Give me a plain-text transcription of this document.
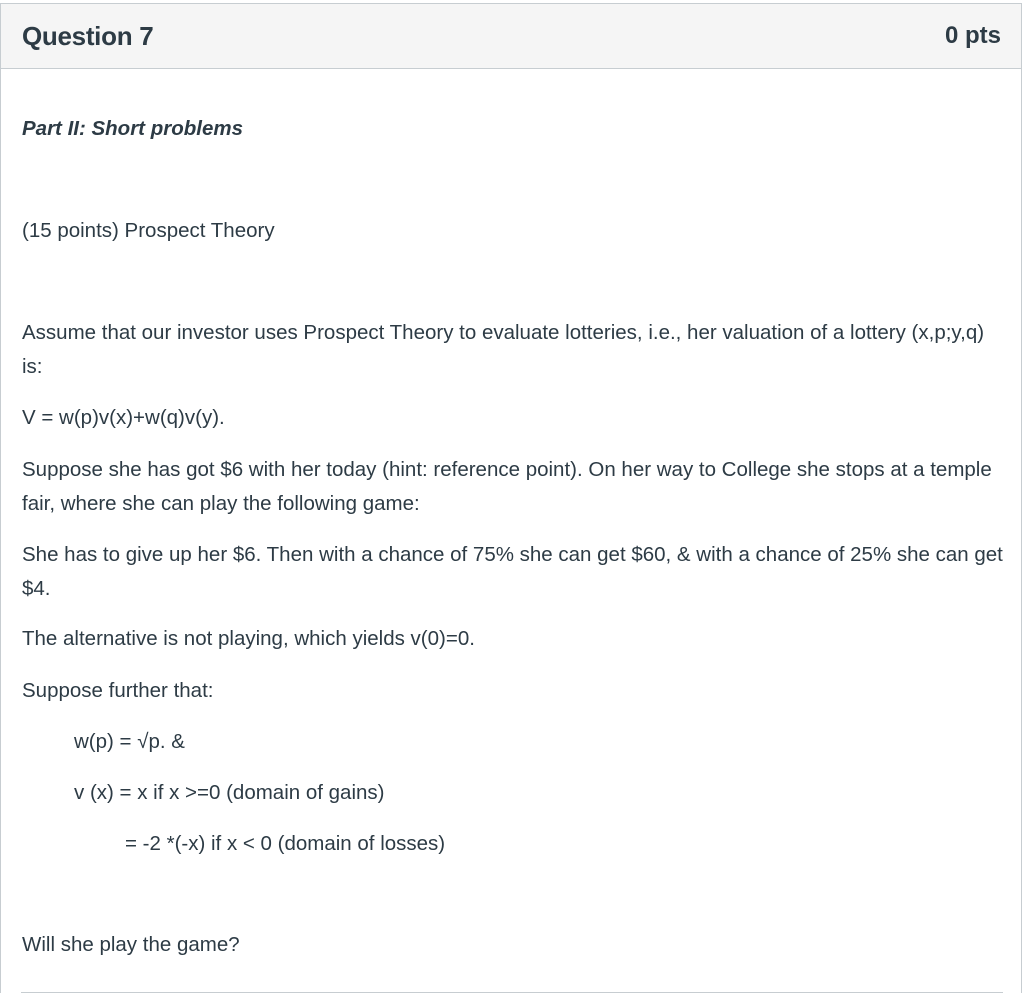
Question 7	0 pts
Part II: Short problems
(15 points) Prospect Theory
Assume that our investor uses Prospect Theory to evaluate lotteries, i.e., her valuation of a lottery (x,p;y,q) is:
V = w(p)v(x)+w(q)v(y).
Suppose she has got $6 with her today (hint: reference point). On her way to College she stops at a temple fair, where she can play the following game:
She has to give up her $6. Then with a chance of 75% she can get $60, & with a chance of 25% she can get $4.
The alternative is not playing, which yields v(0)=0.
Suppose further that:
w(p) = √p. &
v (x) = x if x >=0 (domain of gains)
= -2 *(-x) if x < 0 (domain of losses)
Will she play the game?
